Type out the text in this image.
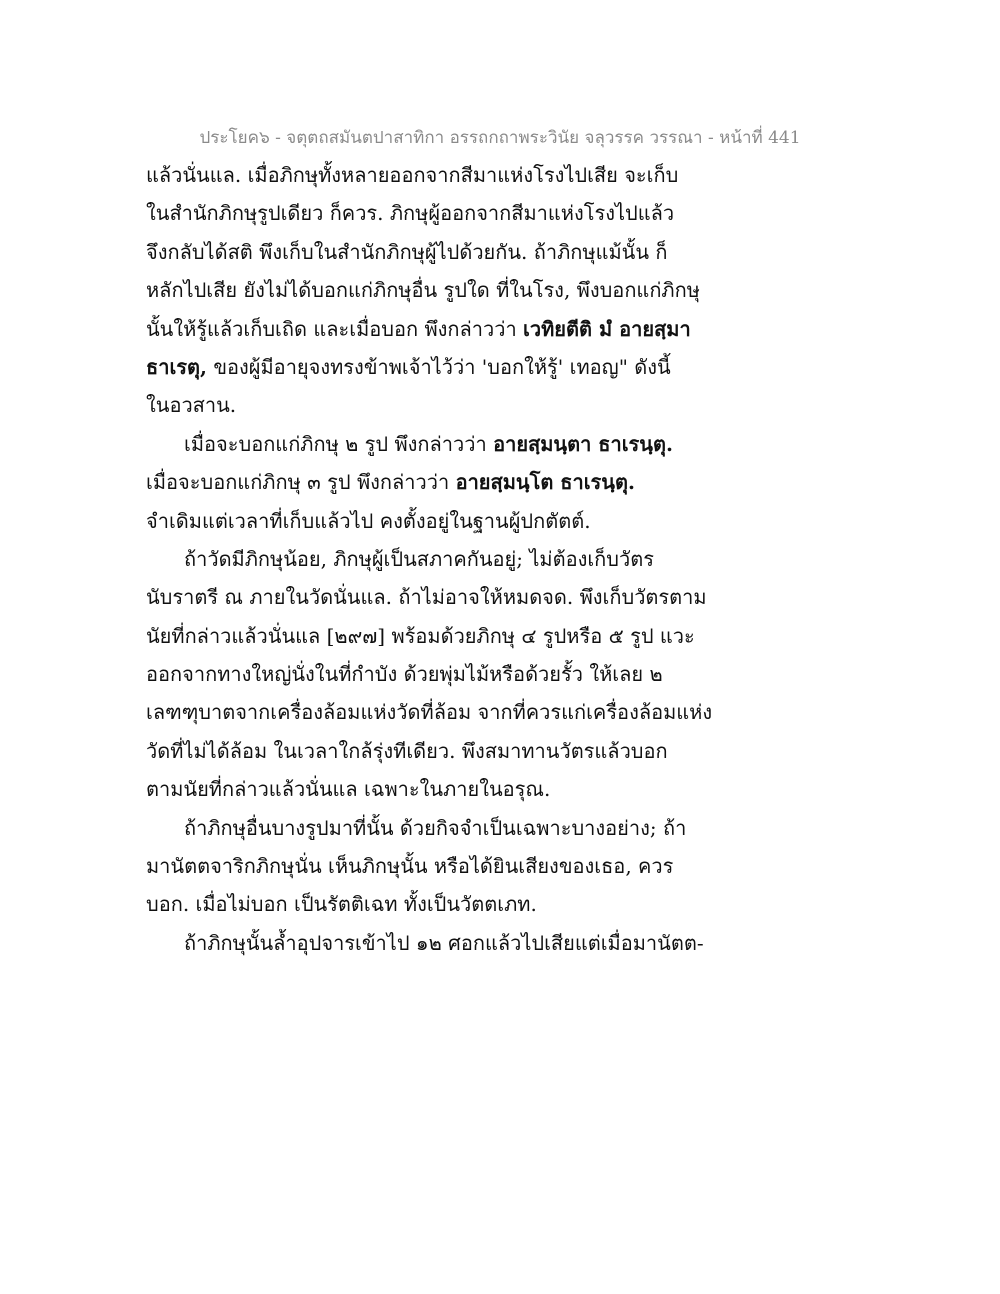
ประโยค๖ - จตุตถสมันตปาสาทิกา อรรถกถาพระวินัย จลุวรรค วรรณา - หน้าที่ 441
แล้วนั่นแล. เมื่อภิกษุทั้งหลายออกจากสีมาแห่งโรงไปเสีย จะเก็บ
ในสำนักภิกษุรูปเดียว ก็ควร. ภิกษุผู้ออกจากสีมาแห่งโรงไปแล้ว
จึงกลับได้สติ พึงเก็บในสำนักภิกษุผู้ไปด้วยกัน. ถ้าภิกษุแม้นั้น ก็
หลักไปเสีย ยังไม่ได้บอกแก่ภิกษุอื่น รูปใด ที่ในโรง, พึงบอกแก่ภิกษุ
นั้นให้รู้แล้วเก็บเถิด และเมื่อบอก พึงกล่าวว่า เวทิยตีติ มํ อายสฺมา
ธาเรตุ, ของผู้มีอายุจงทรงข้าพเจ้าไว้ว่า 'บอกให้รู้' เทอญ" ดังนี้
ในอวสาน.
เมื่อจะบอกแก่ภิกษุ ๒ รูป พึงกล่าวว่า อายสฺมนฺตา ธาเรนฺตุ.
เมื่อจะบอกแก่ภิกษุ ๓ รูป พึงกล่าวว่า อายสฺมนฺโต ธาเรนฺตุ.
จำเดิมแต่เวลาที่เก็บแล้วไป คงตั้งอยู่ในฐานผู้ปกตัตต์.
ถ้าวัดมีภิกษุน้อย, ภิกษุผู้เป็นสภาคกันอยู่; ไม่ต้องเก็บวัตร
นับราตรี ณ ภายในวัดนั่นแล. ถ้าไม่อาจให้หมดจด. พึงเก็บวัตรตาม
นัยที่กล่าวแล้วนั่นแล [๒๙๗] พร้อมด้วยภิกษุ ๔ รูปหรือ ๕ รูป แวะ
ออกจากทางใหญ่นั่งในที่กำบัง ด้วยพุ่มไม้หรือด้วยรั้ว ให้เลย ๒
เลฑฑุบาตจากเครื่องล้อมแห่งวัดที่ล้อม จากที่ควรแก่เครื่องล้อมแห่ง
วัดที่ไม่ได้ล้อม ในเวลาใกล้รุ่งทีเดียว. พึงสมาทานวัตรแล้วบอก
ตามนัยที่กล่าวแล้วนั่นแล เฉพาะในภายในอรุณ.
ถ้าภิกษุอื่นบางรูปมาที่นั้น ด้วยกิจจำเป็นเฉพาะบางอย่าง; ถ้า
มานัตตจาริกภิกษุนั่น เห็นภิกษุนั้น หรือได้ยินเสียงของเธอ, ควร
บอก. เมื่อไม่บอก เป็นรัตติเฉท ทั้งเป็นวัตตเภท.
ถ้าภิกษุนั้นล้ำอุปจารเข้าไป ๑๒ ศอกแล้วไปเสียแต่เมื่อมานัตต-
